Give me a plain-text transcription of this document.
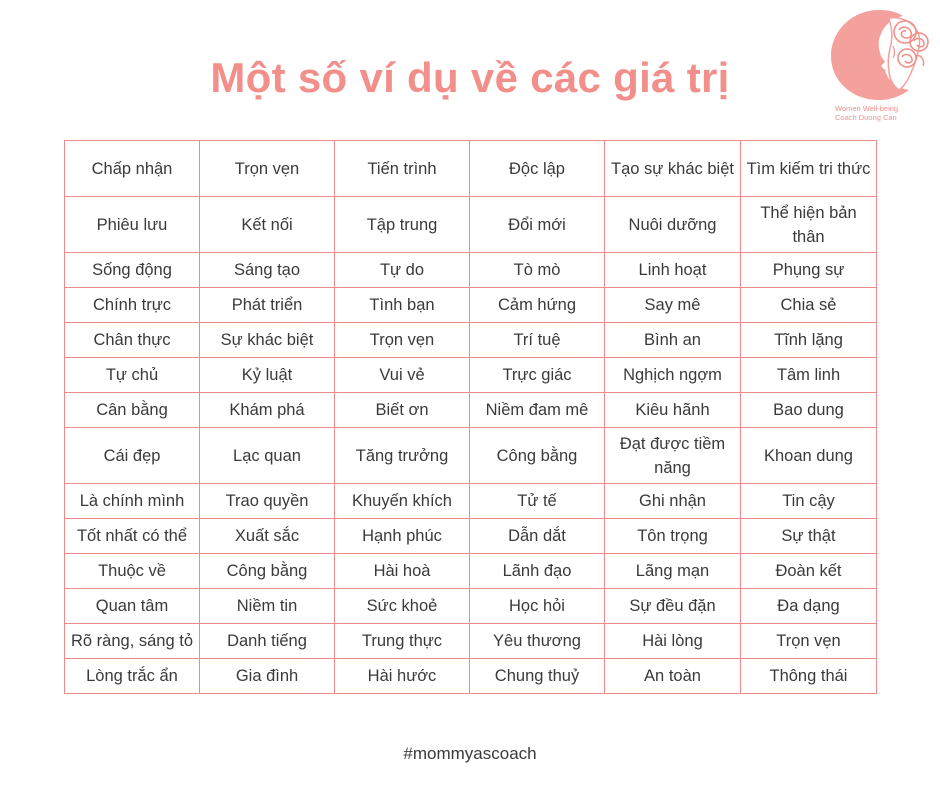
Một số ví dụ về các giá trị
Women Well-being
Coach Duong Can
Chấp nhận	Trọn vẹn	Tiến trình	Độc lập	Tạo sự khác biệt	Tìm kiếm tri thức
Phiêu lưu	Kết nối	Tập trung	Đổi mới	Nuôi dưỡng	Thể hiện bản thân
Sống động	Sáng tạo	Tự do	Tò mò	Linh hoạt	Phụng sự
Chính trực	Phát triển	Tình bạn	Cảm hứng	Say mê	Chia sẻ
Chân thực	Sự khác biệt	Trọn vẹn	Trí tuệ	Bình an	Tĩnh lặng
Tự chủ	Kỷ luật	Vui vẻ	Trực giác	Nghịch ngợm	Tâm linh
Cân bằng	Khám phá	Biết ơn	Niềm đam mê	Kiêu hãnh	Bao dung
Cái đẹp	Lạc quan	Tăng trưởng	Công bằng	Đạt được tiềm năng	Khoan dung
Là chính mình	Trao quyền	Khuyến khích	Tử tế	Ghi nhận	Tin cậy
Tốt nhất có thể	Xuất sắc	Hạnh phúc	Dẫn dắt	Tôn trọng	Sự thật
Thuộc về	Công bằng	Hài hoà	Lãnh đạo	Lãng mạn	Đoàn kết
Quan tâm	Niềm tin	Sức khoẻ	Học hỏi	Sự đều đặn	Đa dạng
Rõ ràng, sáng tỏ	Danh tiếng	Trung thực	Yêu thương	Hài lòng	Trọn vẹn
Lòng trắc ẩn	Gia đình	Hài hước	Chung thuỷ	An toàn	Thông thái
#mommyascoach
